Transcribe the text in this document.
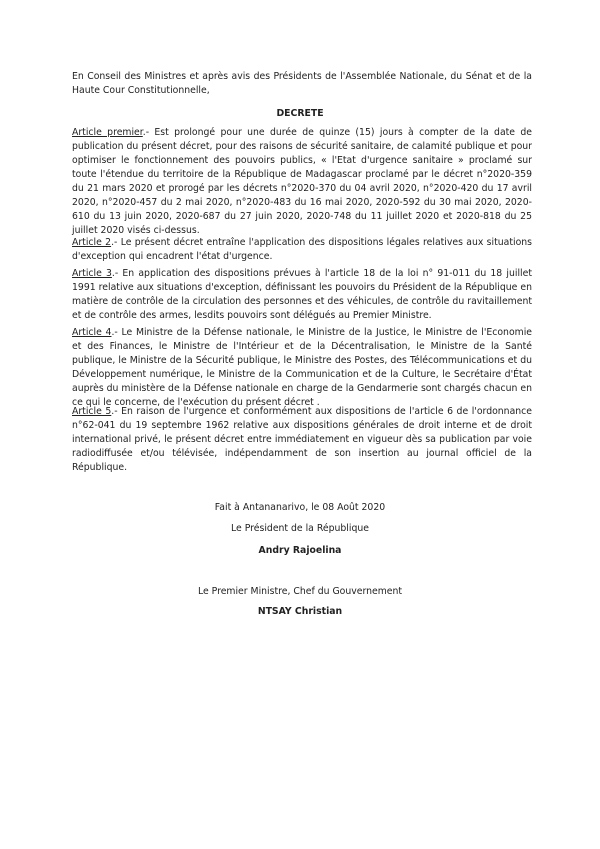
En Conseil des Ministres et après avis des Présidents de l'Assemblée Nationale, du Sénat et de la Haute Cour Constitutionnelle,
DECRETE
Article premier.- Est prolongé pour une durée de quinze (15) jours à compter de la date de publication du présent décret, pour des raisons de sécurité sanitaire, de calamité publique et pour optimiser le fonctionnement des pouvoirs publics, « l'Etat d'urgence sanitaire » proclamé sur toute l'étendue du territoire de la République de Madagascar proclamé par le décret n°2020-359 du 21 mars 2020 et prorogé par les décrets n°2020-370 du 04 avril 2020, n°2020-420 du 17 avril 2020, n°2020-457 du 2 mai 2020, n°2020-483 du 16 mai 2020, 2020-592 du 30 mai 2020, 2020-610 du 13 juin 2020, 2020-687 du 27 juin 2020, 2020-748 du 11 juillet 2020 et 2020-818 du 25 juillet 2020 visés ci-dessus.
Article 2.- Le présent décret entraîne l'application des dispositions légales relatives aux situations d'exception qui encadrent l'état d'urgence.
Article 3.- En application des dispositions prévues à l'article 18 de la loi n° 91-011 du 18 juillet 1991 relative aux situations d'exception, définissant les pouvoirs du Président de la République en matière de contrôle de la circulation des personnes et des véhicules, de contrôle du ravitaillement et de contrôle des armes, lesdits pouvoirs sont délégués au Premier Ministre.
Article 4.- Le Ministre de la Défense nationale, le Ministre de la Justice, le Ministre de l'Economie et des Finances, le Ministre de l'Intérieur et de la Décentralisation, le Ministre de la Santé publique, le Ministre de la Sécurité publique, le Ministre des Postes, des Télécommunications et du Développement numérique, le Ministre de la Communication et de la Culture, le Secrétaire d'État auprès du ministère de la Défense nationale en charge de la Gendarmerie sont chargés chacun en ce qui le concerne, de l'exécution du présent décret .
Article 5.- En raison de l'urgence et conformément aux dispositions de l'article 6 de l'ordonnance n°62-041 du 19 septembre 1962 relative aux dispositions générales de droit interne et de droit international privé, le présent décret entre immédiatement en vigueur dès sa publication par voie radiodiffusée et/ou télévisée, indépendamment de son insertion au journal officiel de la République.
Fait à Antananarivo, le 08 Août 2020
Le Président de la République
Andry Rajoelina
Le Premier Ministre, Chef du Gouvernement
NTSAY Christian
